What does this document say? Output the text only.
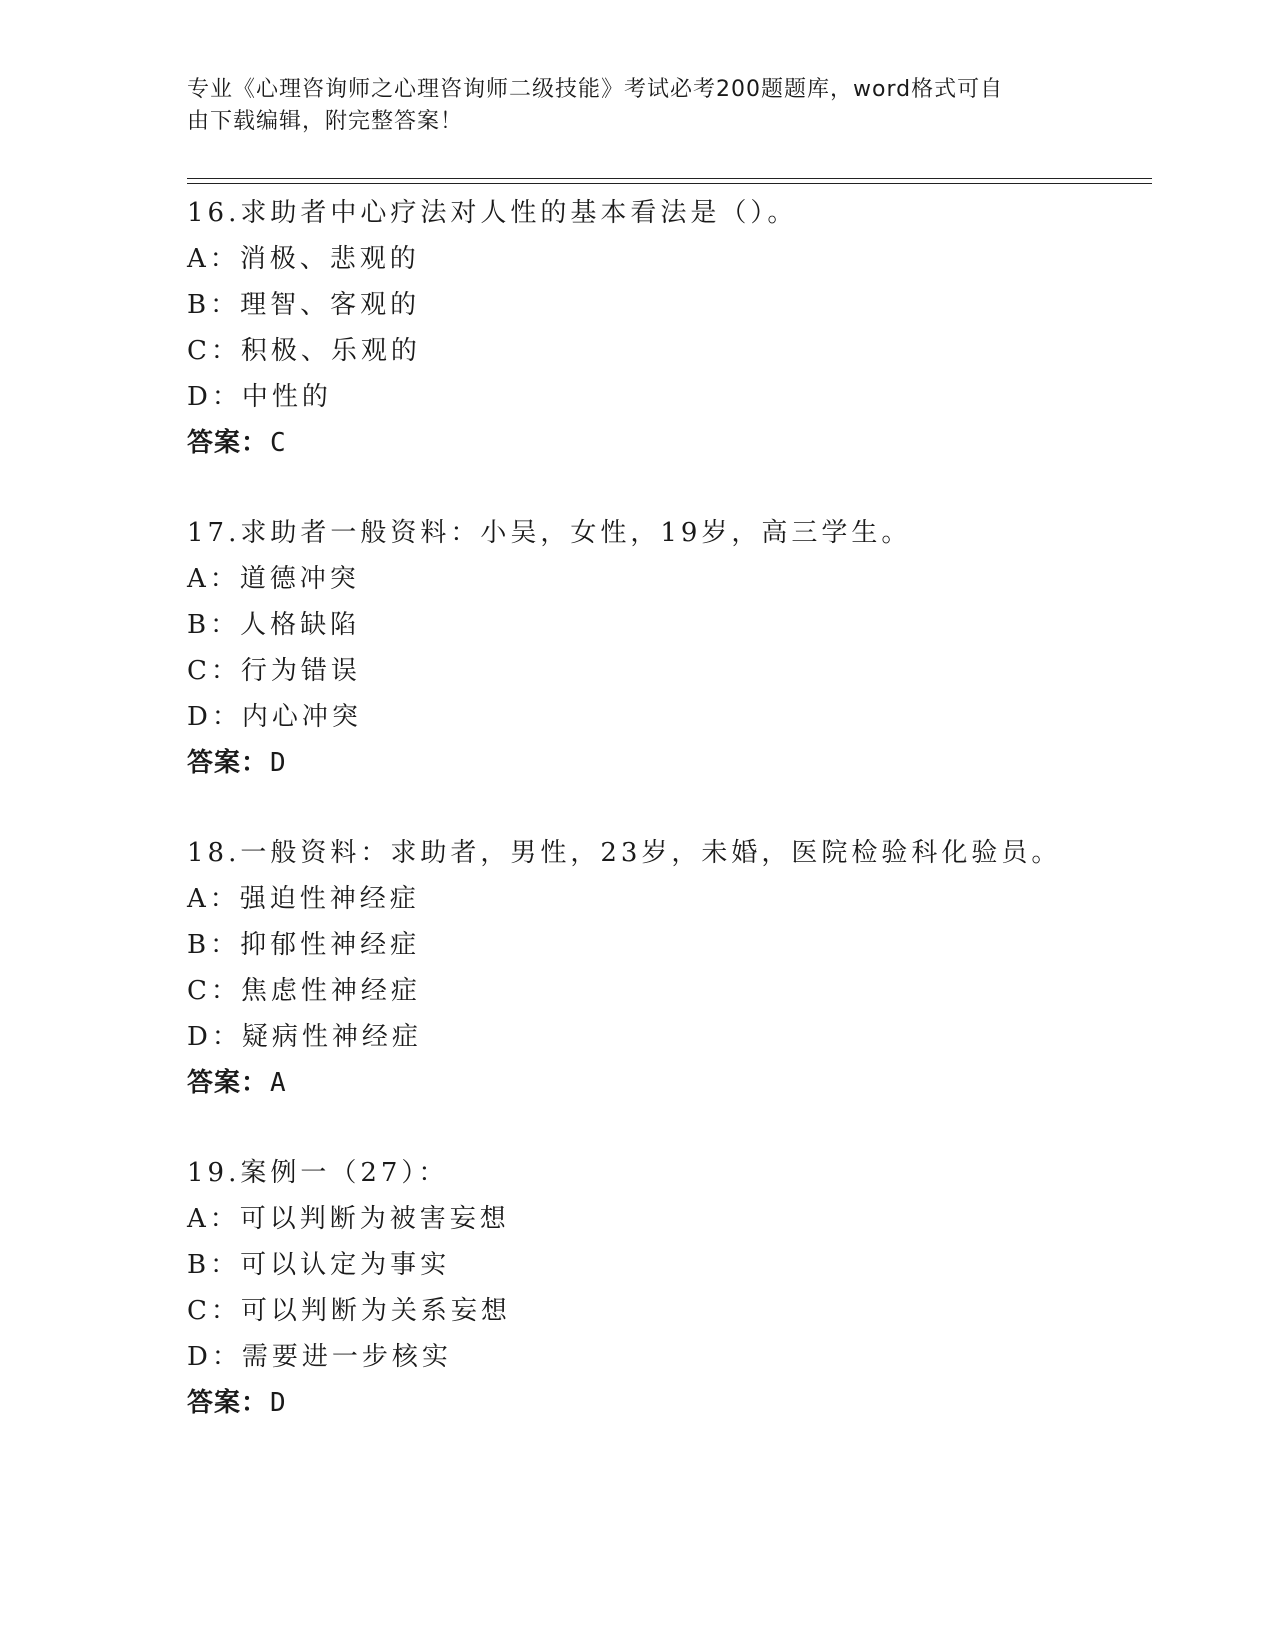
专业《心理咨询师之心理咨询师二级技能》考试必考200题题库，word格式可自
由下载编辑，附完整答案！
16.求助者中心疗法对人性的基本看法是（）。
A：消极、悲观的
B：理智、客观的
C：积极、乐观的
D：中性的
答案：C
17.求助者一般资料：小吴，女性，19岁，高三学生。
A：道德冲突
B：人格缺陷
C：行为错误
D：内心冲突
答案：D
18.一般资料：求助者，男性，23岁，未婚，医院检验科化验员。
A：强迫性神经症
B：抑郁性神经症
C：焦虑性神经症
D：疑病性神经症
答案：A
19.案例一（27）：
A：可以判断为被害妄想
B：可以认定为事实
C：可以判断为关系妄想
D：需要进一步核实
答案：D
